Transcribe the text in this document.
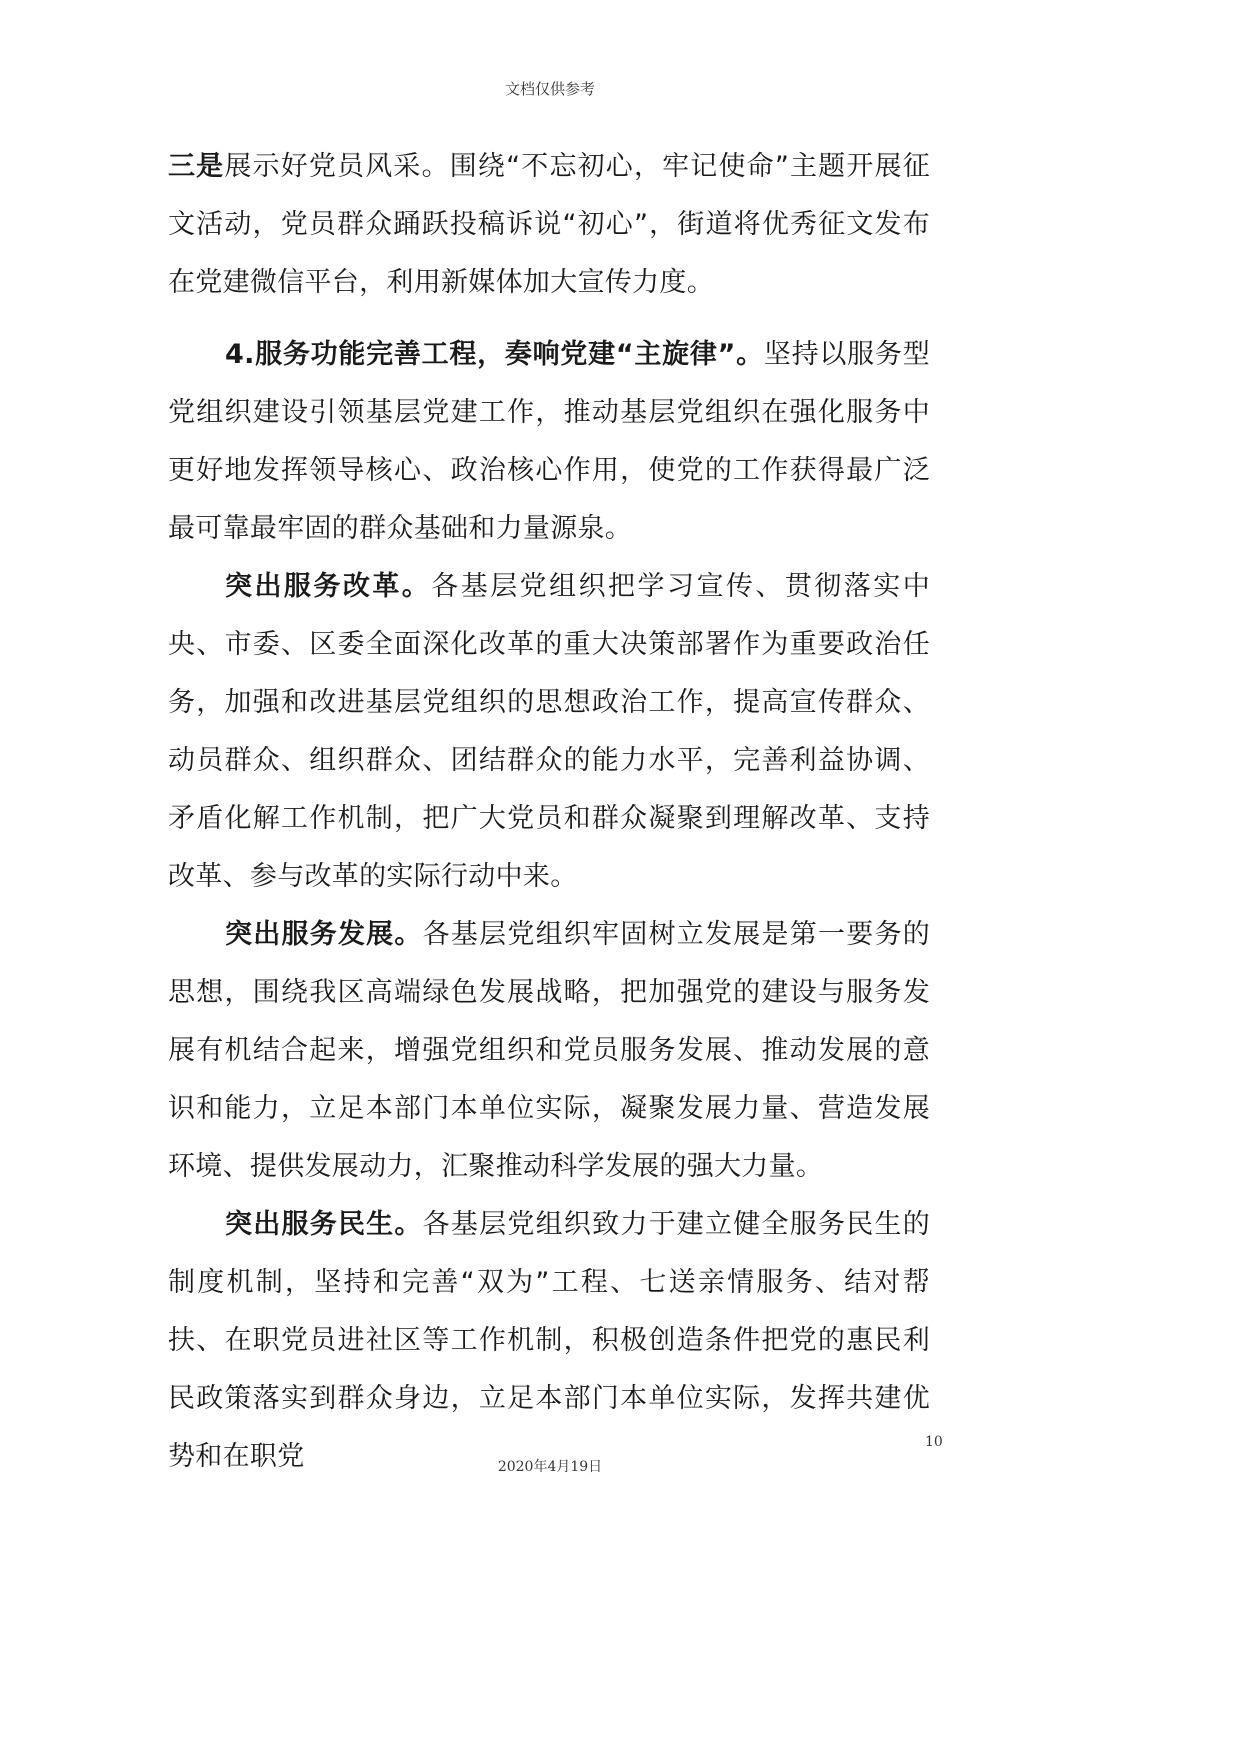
文档仅供参考

三是展示好党员风采。围绕“不忘初心，牢记使命”主题开展征文活动，党员群众踊跃投稿诉说“初心”，街道将优秀征文发布在党建微信平台，利用新媒体加大宣传力度。

4.服务功能完善工程，奏响党建“主旋律”。坚持以服务型党组织建设引领基层党建工作，推动基层党组织在强化服务中更好地发挥领导核心、政治核心作用，使党的工作获得最广泛最可靠最牢固的群众基础和力量源泉。

突出服务改革。各基层党组织把学习宣传、贯彻落实中央、市委、区委全面深化改革的重大决策部署作为重要政治任务，加强和改进基层党组织的思想政治工作，提高宣传群众、动员群众、组织群众、团结群众的能力水平，完善利益协调、矛盾化解工作机制，把广大党员和群众凝聚到理解改革、支持改革、参与改革的实际行动中来。

突出服务发展。各基层党组织牢固树立发展是第一要务的思想，围绕我区高端绿色发展战略，把加强党的建设与服务发展有机结合起来，增强党组织和党员服务发展、推动发展的意识和能力，立足本部门本单位实际，凝聚发展力量、营造发展环境、提供发展动力，汇聚推动科学发展的强大力量。

突出服务民生。各基层党组织致力于建立健全服务民生的制度机制，坚持和完善“双为”工程、七送亲情服务、结对帮扶、在职党员进社区等工作机制，积极创造条件把党的惠民利民政策落实到群众身边，立足本部门本单位实际，发挥共建优势和在职党	10
2020年4月19日
